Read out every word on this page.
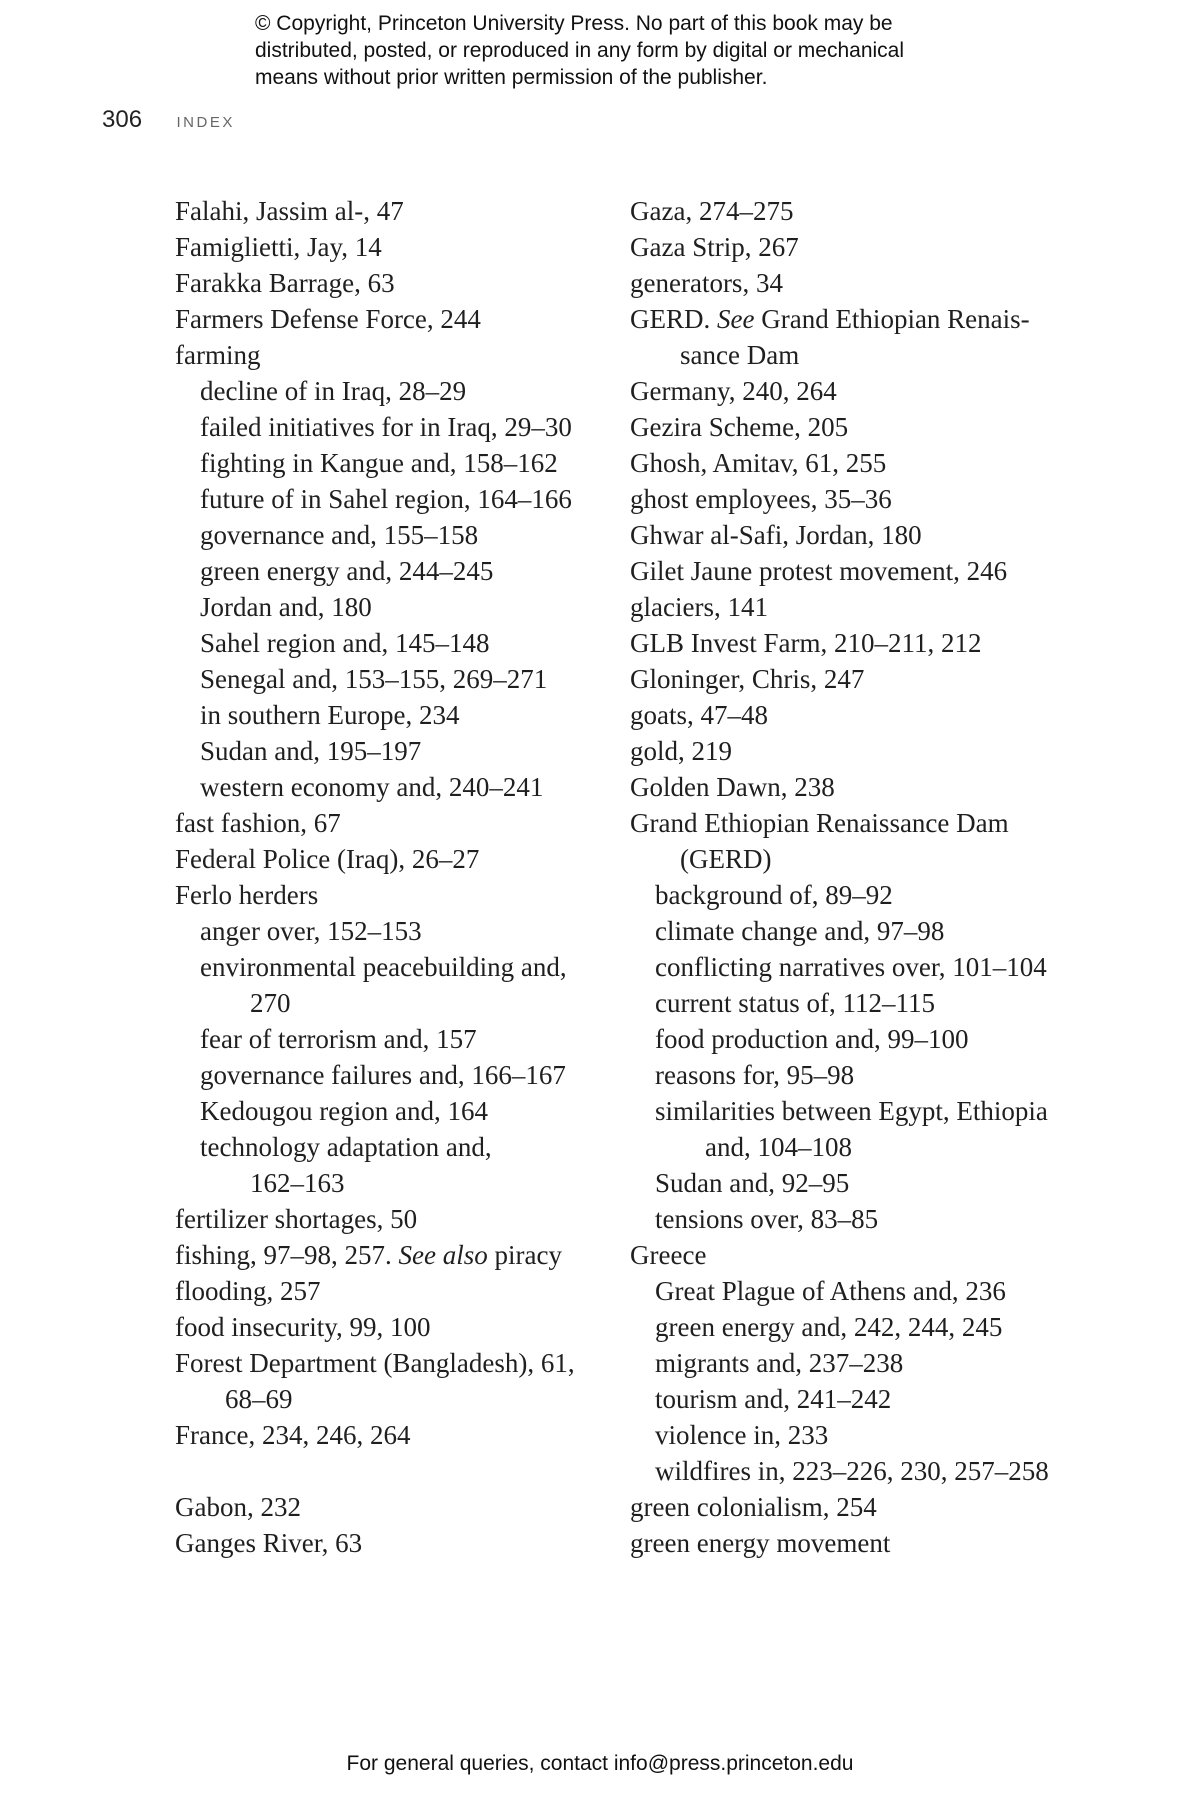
© Copyright, Princeton University Press. No part of this book may be

distributed, posted, or reproduced in any form by digital or mechanical

means without prior written permission of the publisher.

306 INDEX

Falahi, Jassim al-, 47

Famiglietti, Jay, 14

Farakka Barrage, 63

Farmers Defense Force, 244

farming

decline of in Iraq, 28–29

failed initiatives for in Iraq, 29–30

fighting in Kangue and, 158–162

future of in Sahel region, 164–166

governance and, 155–158

green energy and, 244–245

Jordan and, 180

Sahel region and, 145–148

Senegal and, 153–155, 269–271

in southern Europe, 234

Sudan and, 195–197

western economy and, 240–241

fast fashion, 67

Federal Police (Iraq), 26–27

Ferlo herders

anger over, 152–153

environmental peacebuilding and,
270

fear of terrorism and, 157

governance failures and, 166–167

Kedougou region and, 164

technology adaptation and,
162–163

fertilizer shortages, 50

fishing, 97–98, 257. See also piracy

flooding, 257

food insecurity, 99, 100

Forest Department (Bangladesh), 61,
68–69

France, 234, 246, 264

Gabon, 232

Ganges River, 63

Gaza, 274–275

Gaza Strip, 267

generators, 34

GERD. See Grand Ethiopian Renais-
sance Dam

Germany, 240, 264

Gezira Scheme, 205

Ghosh, Amitav, 61, 255

ghost employees, 35–36

Ghwar al-Safi, Jordan, 180

Gilet Jaune protest movement, 246

glaciers, 141

GLB Invest Farm, 210–211, 212

Gloninger, Chris, 247

goats, 47–48

gold, 219

Golden Dawn, 238

Grand Ethiopian Renaissance Dam
(GERD)

background of, 89–92

climate change and, 97–98

conflicting narratives over, 101–104

current status of, 112–115

food production and, 99–100

reasons for, 95–98

similarities between Egypt, Ethiopia
and, 104–108

Sudan and, 92–95

tensions over, 83–85

Greece

Great Plague of Athens and, 236

green energy and, 242, 244, 245

migrants and, 237–238

tourism and, 241–242

violence in, 233

wildfires in, 223–226, 230, 257–258

green colonialism, 254

green energy movement

For general queries, contact info@press.princeton.edu
